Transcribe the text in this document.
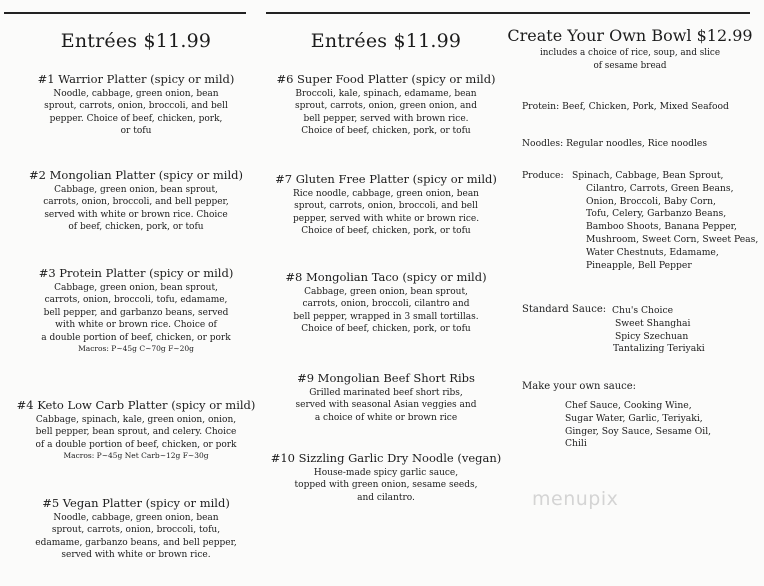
Entrées $11.99
#1 Warrior Platter (spicy or mild)
Noodle, cabbage, green onion, bean
sprout, carrots, onion, broccoli, and bell
pepper. Choice of beef, chicken, pork,
or tofu
#2 Mongolian Platter (spicy or mild)
Cabbage, green onion, bean sprout,
carrots, onion, broccoli, and bell pepper,
served with white or brown rice. Choice
of beef, chicken, pork, or tofu
#3 Protein Platter (spicy or mild)
Cabbage, green onion, bean sprout,
carrots, onion, broccoli, tofu, edamame,
bell pepper, and garbanzo beans, served
with white or brown rice. Choice of
a double portion of beef, chicken, or pork
Macros: P~45g C~70g F~20g
#4 Keto Low Carb Platter (spicy or mild)
Cabbage, spinach, kale, green onion, onion,
bell pepper, bean sprout, and celery. Choice
of a double portion of beef, chicken, or pork
Macros: P~45g Net Carb~12g F~30g
#5 Vegan Platter (spicy or mild)
Noodle, cabbage, green onion, bean
sprout, carrots, onion, broccoli, tofu,
edamame, garbanzo beans, and bell pepper,
served with white or brown rice.
Entrées $11.99
#6 Super Food Platter (spicy or mild)
Broccoli, kale, spinach, edamame, bean
sprout, carrots, onion, green onion, and
bell pepper, served with brown rice.
Choice of beef, chicken, pork, or tofu
#7 Gluten Free Platter (spicy or mild)
Rice noodle, cabbage, green onion, bean
sprout, carrots, onion, broccoli, and bell
pepper, served with white or brown rice.
Choice of beef, chicken, pork, or tofu
#8 Mongolian Taco (spicy or mild)
Cabbage, green onion, bean sprout,
carrots, onion, broccoli, cilantro and
bell pepper, wrapped in 3 small tortillas.
Choice of beef, chicken, pork, or tofu
#9 Mongolian Beef Short Ribs
Grilled marinated beef short ribs,
served with seasonal Asian veggies and
a choice of white or brown rice
#10 Sizzling Garlic Dry Noodle (vegan)
House-made spicy garlic sauce,
topped with green onion, sesame seeds,
and cilantro.
Create Your Own Bowl $12.99
includes a choice of rice, soup, and slice
of sesame bread
Protein: Beef, Chicken, Pork, Mixed Seafood
Noodles: Regular noodles, Rice noodles
Produce: Spinach, Cabbage, Bean Sprout,
Cilantro, Carrots, Green Beans,
Onion, Broccoli, Baby Corn,
Tofu, Celery, Garbanzo Beans,
Bamboo Shoots, Banana Pepper,
Mushroom, Sweet Corn, Sweet Peas,
Water Chestnuts, Edamame,
Pineapple, Bell Pepper
Standard Sauce: Chu's Choice
Sweet Shanghai
Spicy Szechuan
Tantalizing Teriyaki
Make your own sauce:
Chef Sauce, Cooking Wine,
Sugar Water, Garlic, Teriyaki,
Ginger, Soy Sauce, Sesame Oil,
Chili
menupix
